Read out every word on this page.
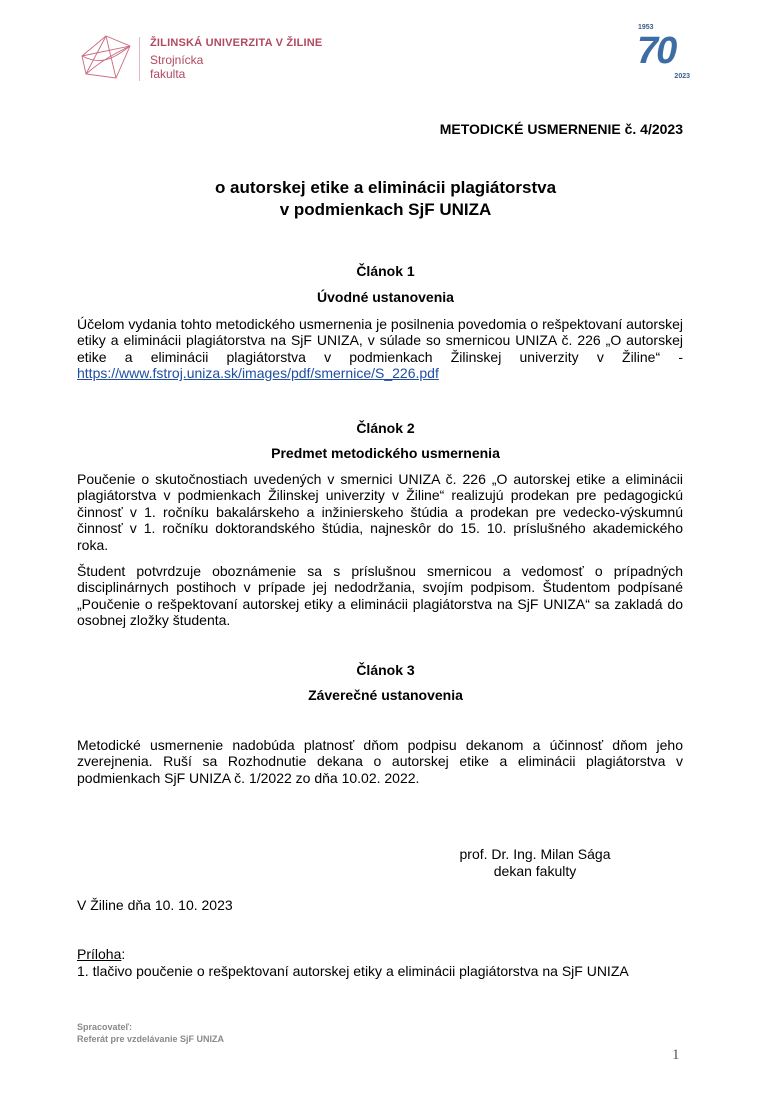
ŽILINSKÁ UNIVERZITA V ŽILINE
Strojnícka
fakulta
1953
70
2023
METODICKÉ USMERNENIE č. 4/2023
o autorskej etike a eliminácii plagiátorstva
v podmienkach SjF UNIZA
Článok 1
Úvodné ustanovenia
Účelom vydania tohto metodického usmernenia je posilnenia povedomia o rešpektovaní autorskej etiky a eliminácii plagiátorstva na SjF UNIZA, v súlade so smernicou UNIZA č. 226 „O autorskej etike a eliminácii plagiátorstva v podmienkach Žilinskej univerzity v Žiline“ - https://www.fstroj.uniza.sk/images/pdf/smernice/S_226.pdf
Článok 2
Predmet metodického usmernenia
Poučenie o skutočnostiach uvedených v smernici UNIZA č. 226 „O autorskej etike a eliminácii plagiátorstva v podmienkach Žilinskej univerzity v Žiline“ realizujú prodekan pre pedagogickú činnosť v 1. ročníku bakalárskeho a inžinierskeho štúdia a prodekan pre vedecko-výskumnú činnosť v 1. ročníku doktorandského štúdia, najneskôr do 15. 10. príslušného akademického roka.
Študent potvrdzuje oboznámenie sa s príslušnou smernicou a vedomosť o prípadných disciplinárnych postihoch v prípade jej nedodržania, svojím podpisom. Študentom podpísané „Poučenie o rešpektovaní autorskej etiky a eliminácii plagiátorstva na SjF UNIZA“ sa zakladá do osobnej zložky študenta.
Článok 3
Záverečné ustanovenia
Metodické usmernenie nadobúda platnosť dňom podpisu dekanom a účinnosť dňom jeho zverejnenia. Ruší sa Rozhodnutie dekana o autorskej etike a eliminácii plagiátorstva v podmienkach SjF UNIZA č. 1/2022 zo dňa 10.02. 2022.
prof. Dr. Ing. Milan Sága
dekan fakulty
V Žiline dňa 10. 10. 2023
Príloha:
1. tlačivo poučenie o rešpektovaní autorskej etiky a eliminácii plagiátorstva na SjF UNIZA
Spracovateľ:
Referát pre vzdelávanie SjF UNIZA
1
